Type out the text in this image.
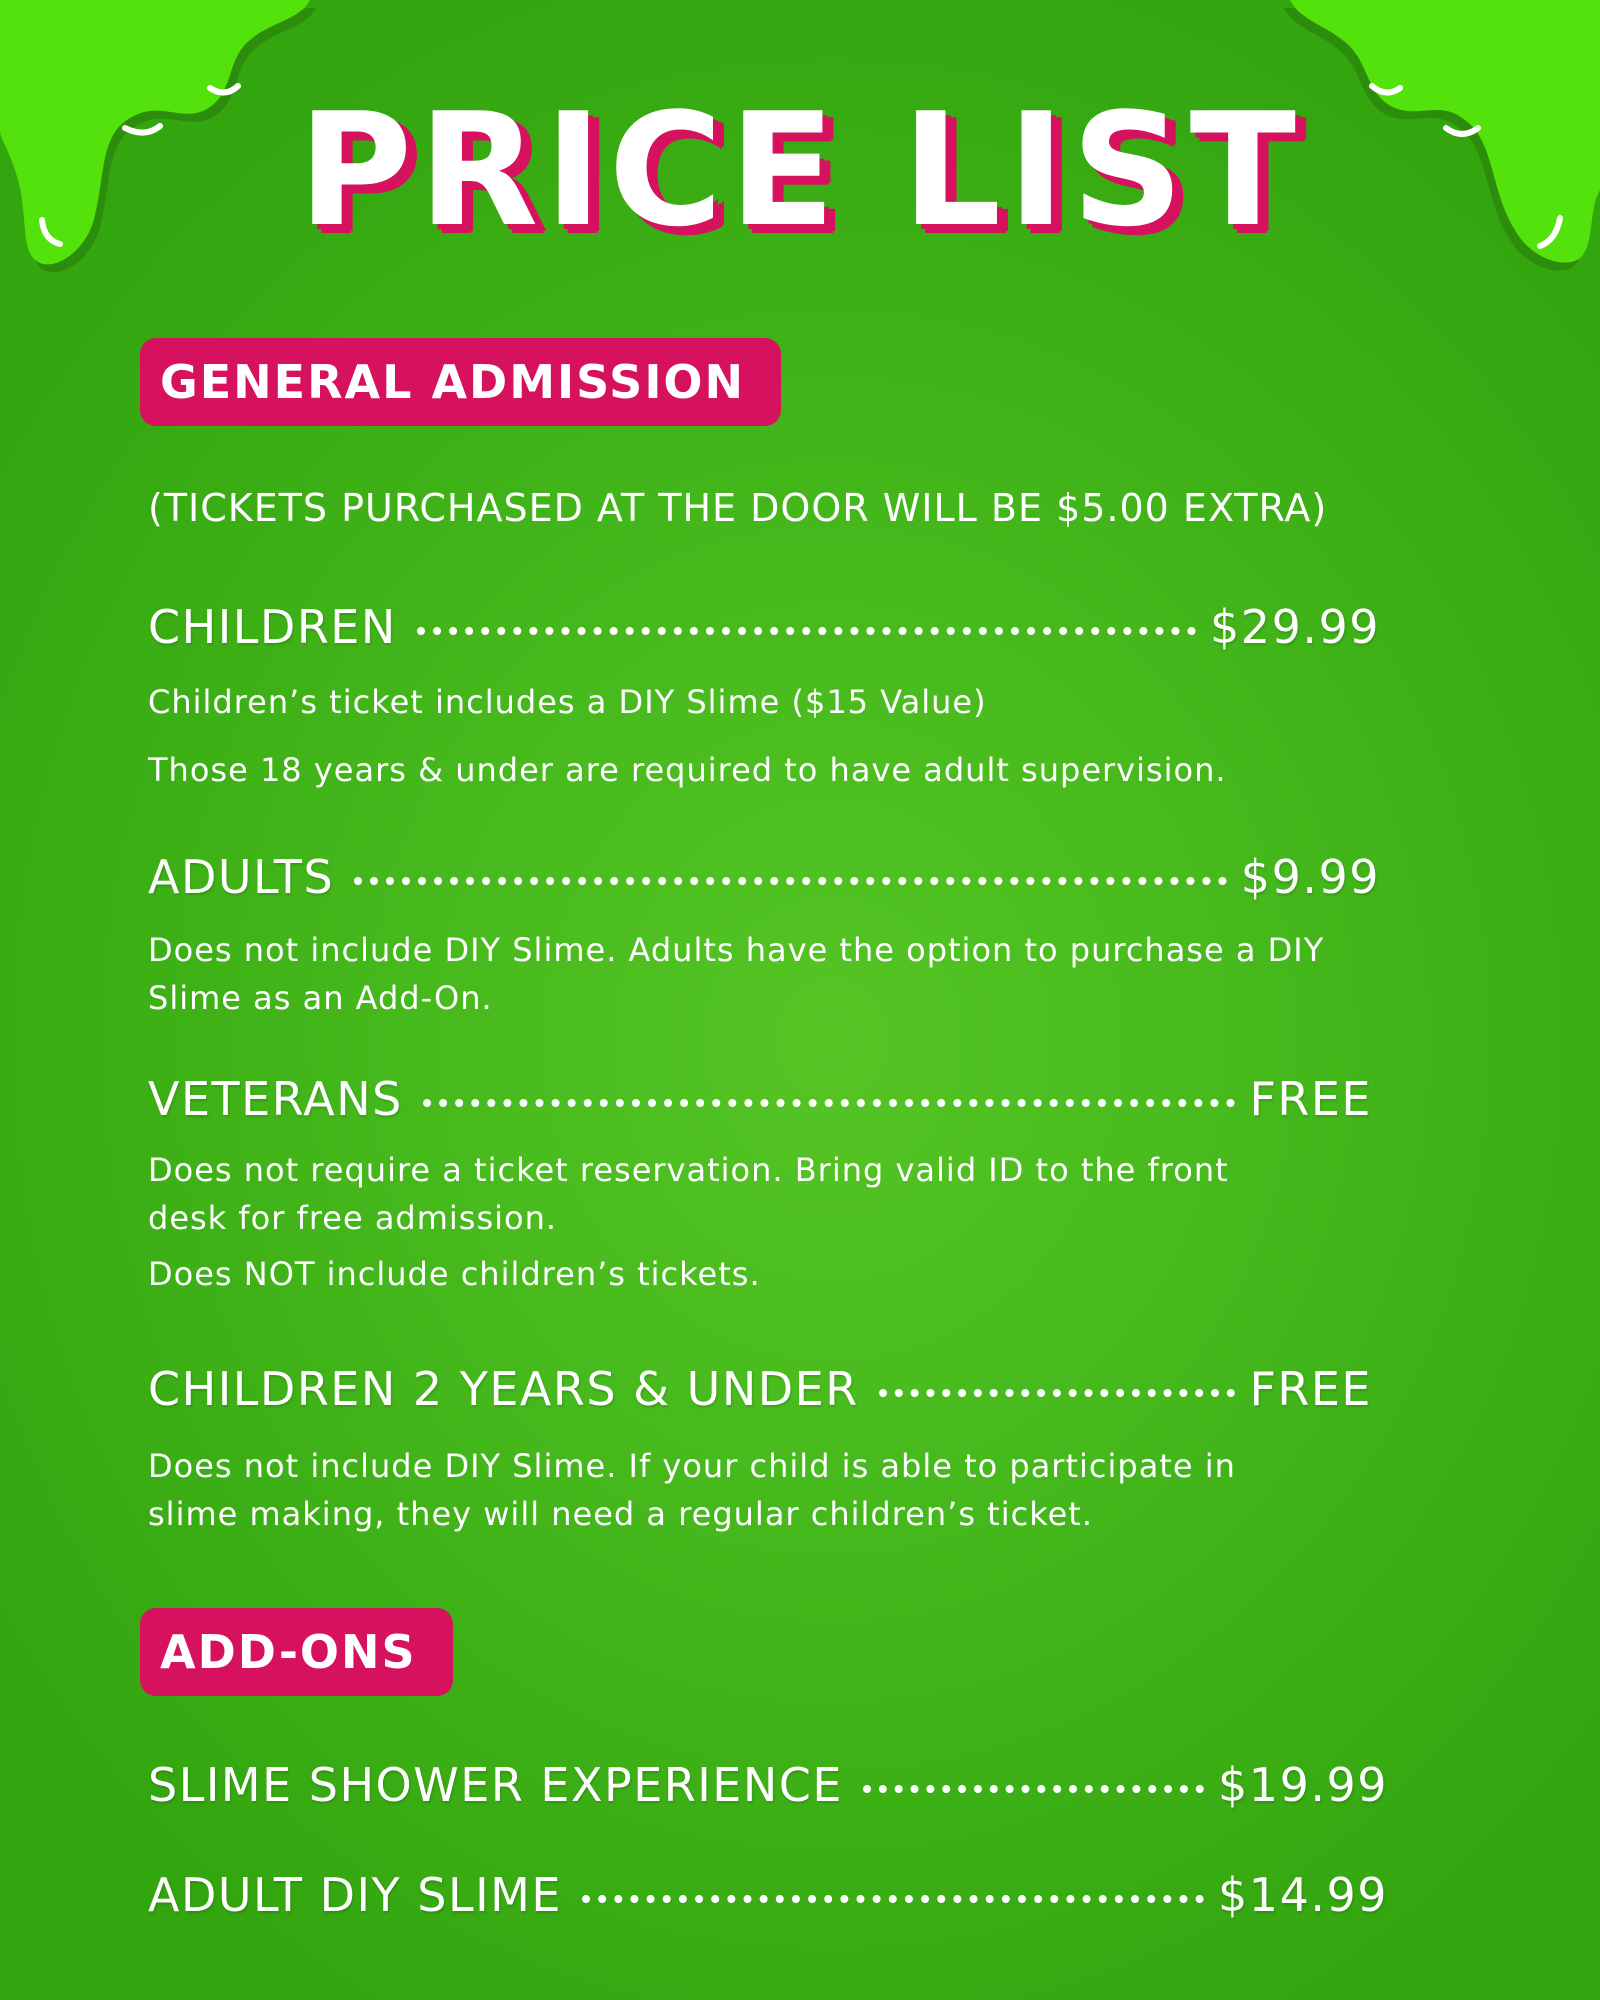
PRICE LIST
GENERAL ADMISSION

(TICKETS PURCHASED AT THE DOOR WILL BE $5.00 EXTRA)

CHILDREN	$29.99

Children’s ticket includes a DIY Slime ($15 Value)

Those 18 years & under are required to have adult supervision.

ADULTS	$9.99

Does not include DIY Slime. Adults have the option to purchase a DIY

Slime as an Add-On.

VETERANS	FREE

Does not require a ticket reservation. Bring valid ID to the front

desk for free admission.

Does NOT include children’s tickets.

CHILDREN 2 YEARS & UNDER	FREE

Does not include DIY Slime. If your child is able to participate in

slime making, they will need a regular children’s ticket.

ADD-ONS
SLIME SHOWER EXPERIENCE	$19.99
ADULT DIY SLIME	$14.99
